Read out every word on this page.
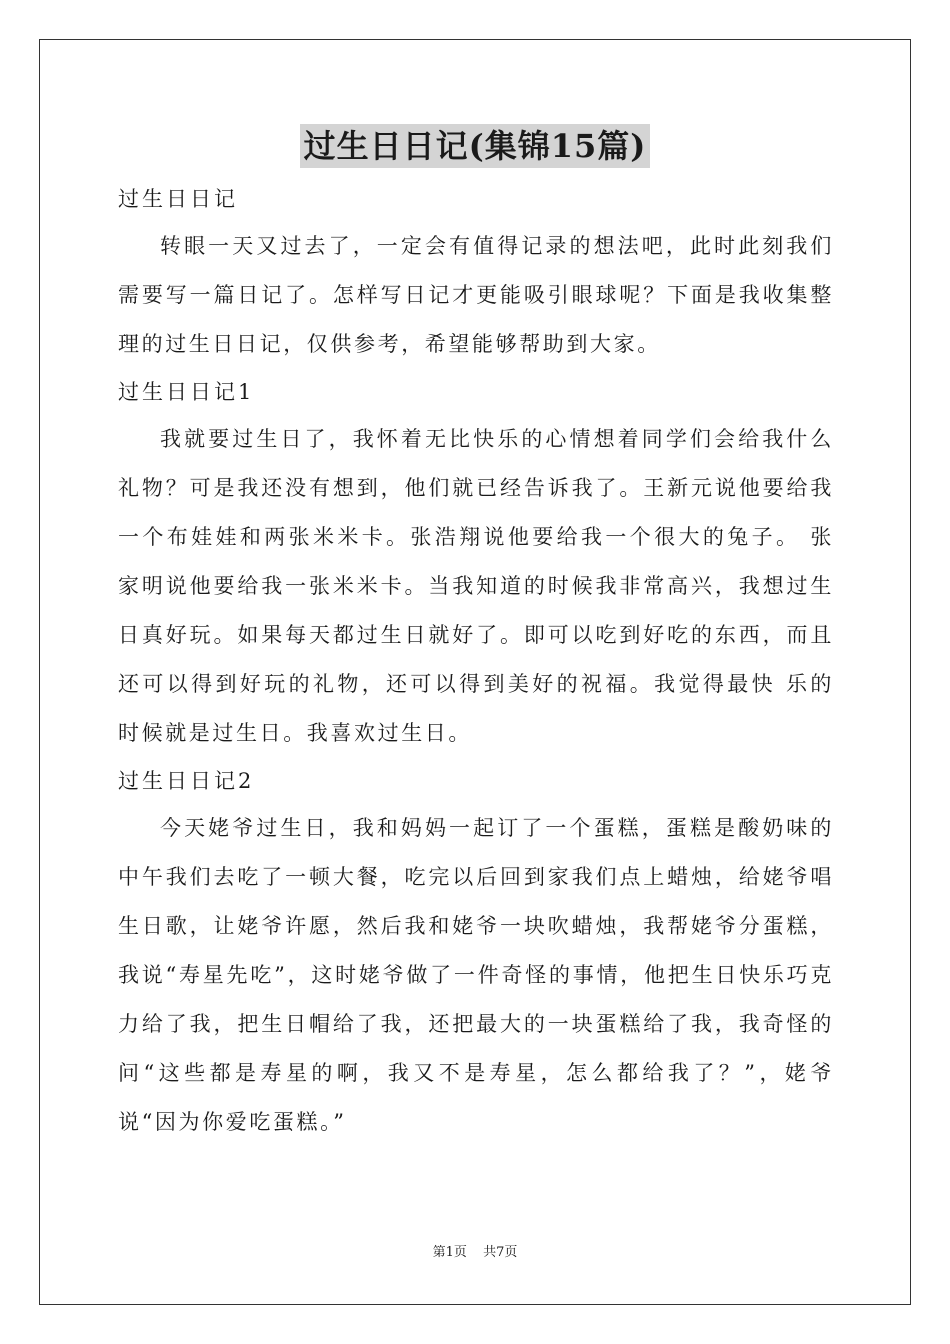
过生日日记(集锦15篇)

过生日日记

转眼一天又过去了，一定会有值得记录的想法吧，此时此刻我们需要写一篇日记了。怎样写日记才更能吸引眼球呢？下面是我收集整理的过生日日记，仅供参考，希望能够帮助到大家。

过生日日记1

我就要过生日了，我怀着无比快乐的心情想着同学们会给我什么礼物？可是我还没有想到，他们就已经告诉我了。王新元说他要给我一个布娃娃和两张米米卡。张浩翔说他要给我一个很大的兔子。 张家明说他要给我一张米米卡。当我知道的时候我非常高兴，我想过生日真好玩。如果每天都过生日就好了。即可以吃到好吃的东西，而且还可以得到好玩的礼物，还可以得到美好的祝福。我觉得最快 乐的时候就是过生日。我喜欢过生日。

过生日日记2

今天姥爷过生日，我和妈妈一起订了一个蛋糕，蛋糕是酸奶味的中午我们去吃了一顿大餐，吃完以后回到家我们点上蜡烛，给姥爷唱生日歌，让姥爷许愿，然后我和姥爷一块吹蜡烛，我帮姥爷分蛋糕，我说“寿星先吃”，这时姥爷做了一件奇怪的事情，他把生日快乐巧克力给了我，把生日帽给了我，还把最大的一块蛋糕给了我，我奇怪的问“这些都是寿星的啊，我又不是寿星，怎么都给我了？”，姥爷说“因为你爱吃蛋糕。”

第1页 共7页
